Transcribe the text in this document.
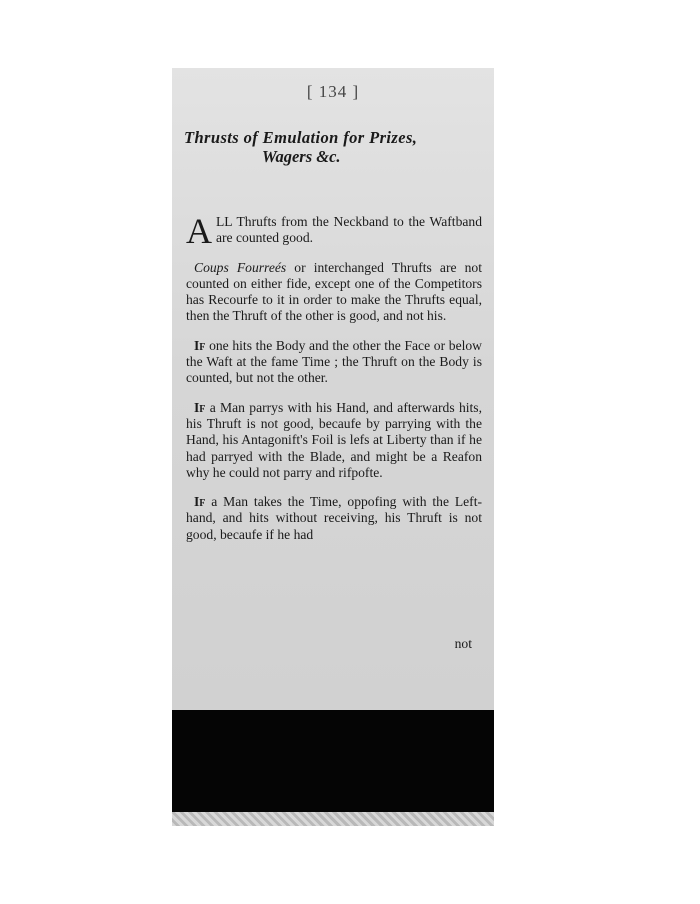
[ 134 ]
Thrusts of Emulation for Prizes,
Wagers &c.

ALL Thrufts from the Neckband to the Waftband are counted good.

Coups Fourreés or interchanged Thrufts are not counted on either fide, except one of the Competitors has Recourfe to it in order to make the Thrufts equal, then the Thruft of the other is good, and not his.

If one hits the Body and the other the Face or below the Waft at the fame Time ; the Thruft on the Body is counted, but not the other.

If a Man parrys with his Hand, and afterwards hits, his Thruft is not good, becaufe by parrying with the Hand, his Antagonift's Foil is lefs at Liberty than if he had parryed with the Blade, and might be a Reafon why he could not parry and rifpofte.

If a Man takes the Time, oppofing with the Left-hand, and hits without receiving, his Thruft is not good, becaufe if he had

not
